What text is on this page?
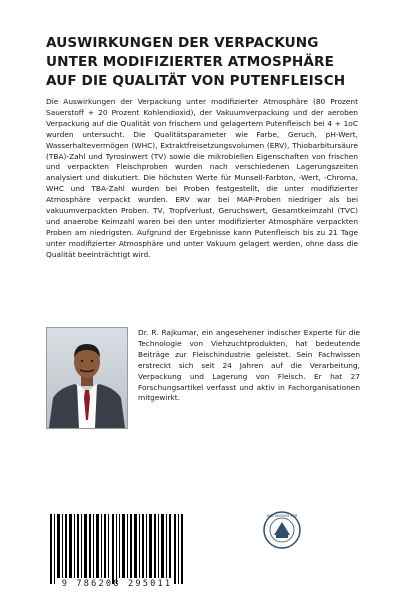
AUSWIRKUNGEN DER VERPACKUNG
UNTER MODIFIZIERTER ATMOSPHÄRE
AUF DIE QUALITÄT VON PUTENFLEISCH

Die Auswirkungen der Verpackung unter modifizierter Atmosphäre (80 Prozent Sauerstoff + 20 Prozent Kohlendioxid), der Vakuumverpackung und der aeroben Verpackung auf die Qualität von frischem und gelagertem Putenfleisch bei 4 + 1oC wurden untersucht. Die Qualitätsparameter wie Farbe, Geruch, pH-Wert, Wasserhaltevermögen (WHC), Extraktfreisetzungsvolumen (ERV), Thiobarbitursäure (TBA)-Zahl und Tyrosinwert (TV) sowie die mikrobiellen Eigenschaften von frischen und verpackten Fleischproben wurden nach verschiedenen Lagerungszeiten analysiert und diskutiert. Die höchsten Werte für Munsell-Farbton, -Wert, -Chroma, WHC und TBA-Zahl wurden bei Proben festgestellt, die unter modifizierter Atmosphäre verpackt wurden. ERV war bei MAP-Proben niedriger als bei vakuumverpackten Proben. TV, Tropfverlust, Geruchswert, Gesamtkeimzahl (TVC) und anaerobe Keimzahl waren bei den unter modifizierter Atmosphäre verpackten Proben am niedrigsten. Aufgrund der Ergebnisse kann Putenfleisch bis zu 21 Tage unter modifizierter Atmosphäre und unter Vakuum gelagert werden, ohne dass die Qualität beeinträchtigt wird.

Dr. R. Rajkumar, ein angesehener indischer Experte für die Technologie von Viehzuchtprodukten, hat bedeutende Beiträge zur Fleischindustrie geleistet. Sein Fachwissen erstreckt sich seit 24 Jahren auf die Verarbeitung, Verpackung und Lagerung von Fleisch. Er hat 27 Forschungsartikel verfasst und aktiv in Fachorganisationen mitgewirkt.

9 786208 295011
AKA WISSEN VER
